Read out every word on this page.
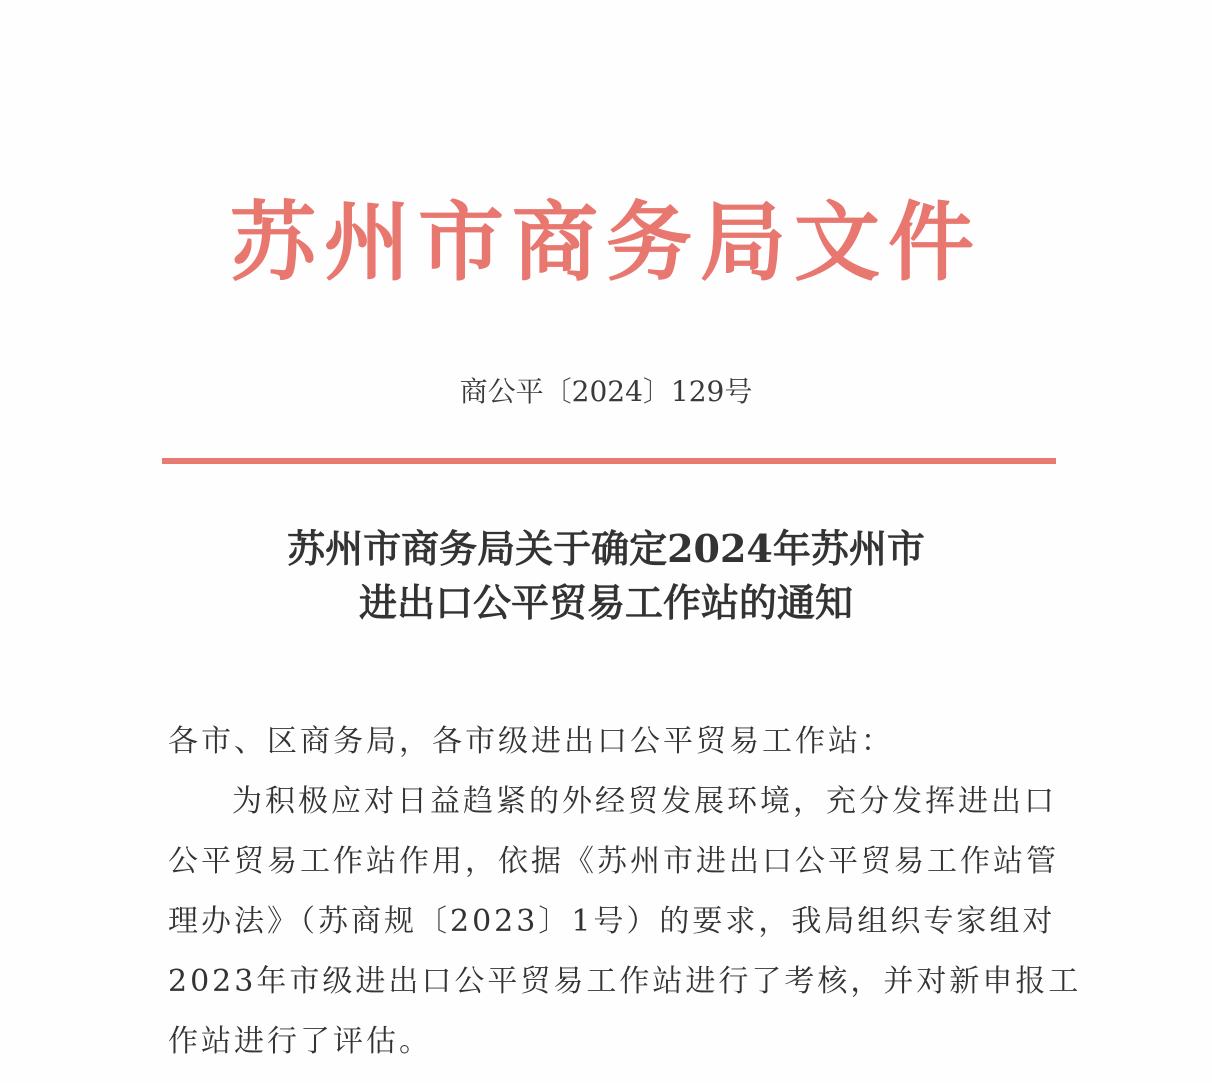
苏州市商务局文件
商公平〔2024〕129号
苏州市商务局关于确定2024年苏州市
进出口公平贸易工作站的通知
各市、区商务局，各市级进出口公平贸易工作站：
为积极应对日益趋紧的外经贸发展环境，充分发挥进出口
公平贸易工作站作用，依据《苏州市进出口公平贸易工作站管
理办法》（苏商规〔2023〕1号）的要求，我局组织专家组对
2023年市级进出口公平贸易工作站进行了考核，并对新申报工
作站进行了评估。
